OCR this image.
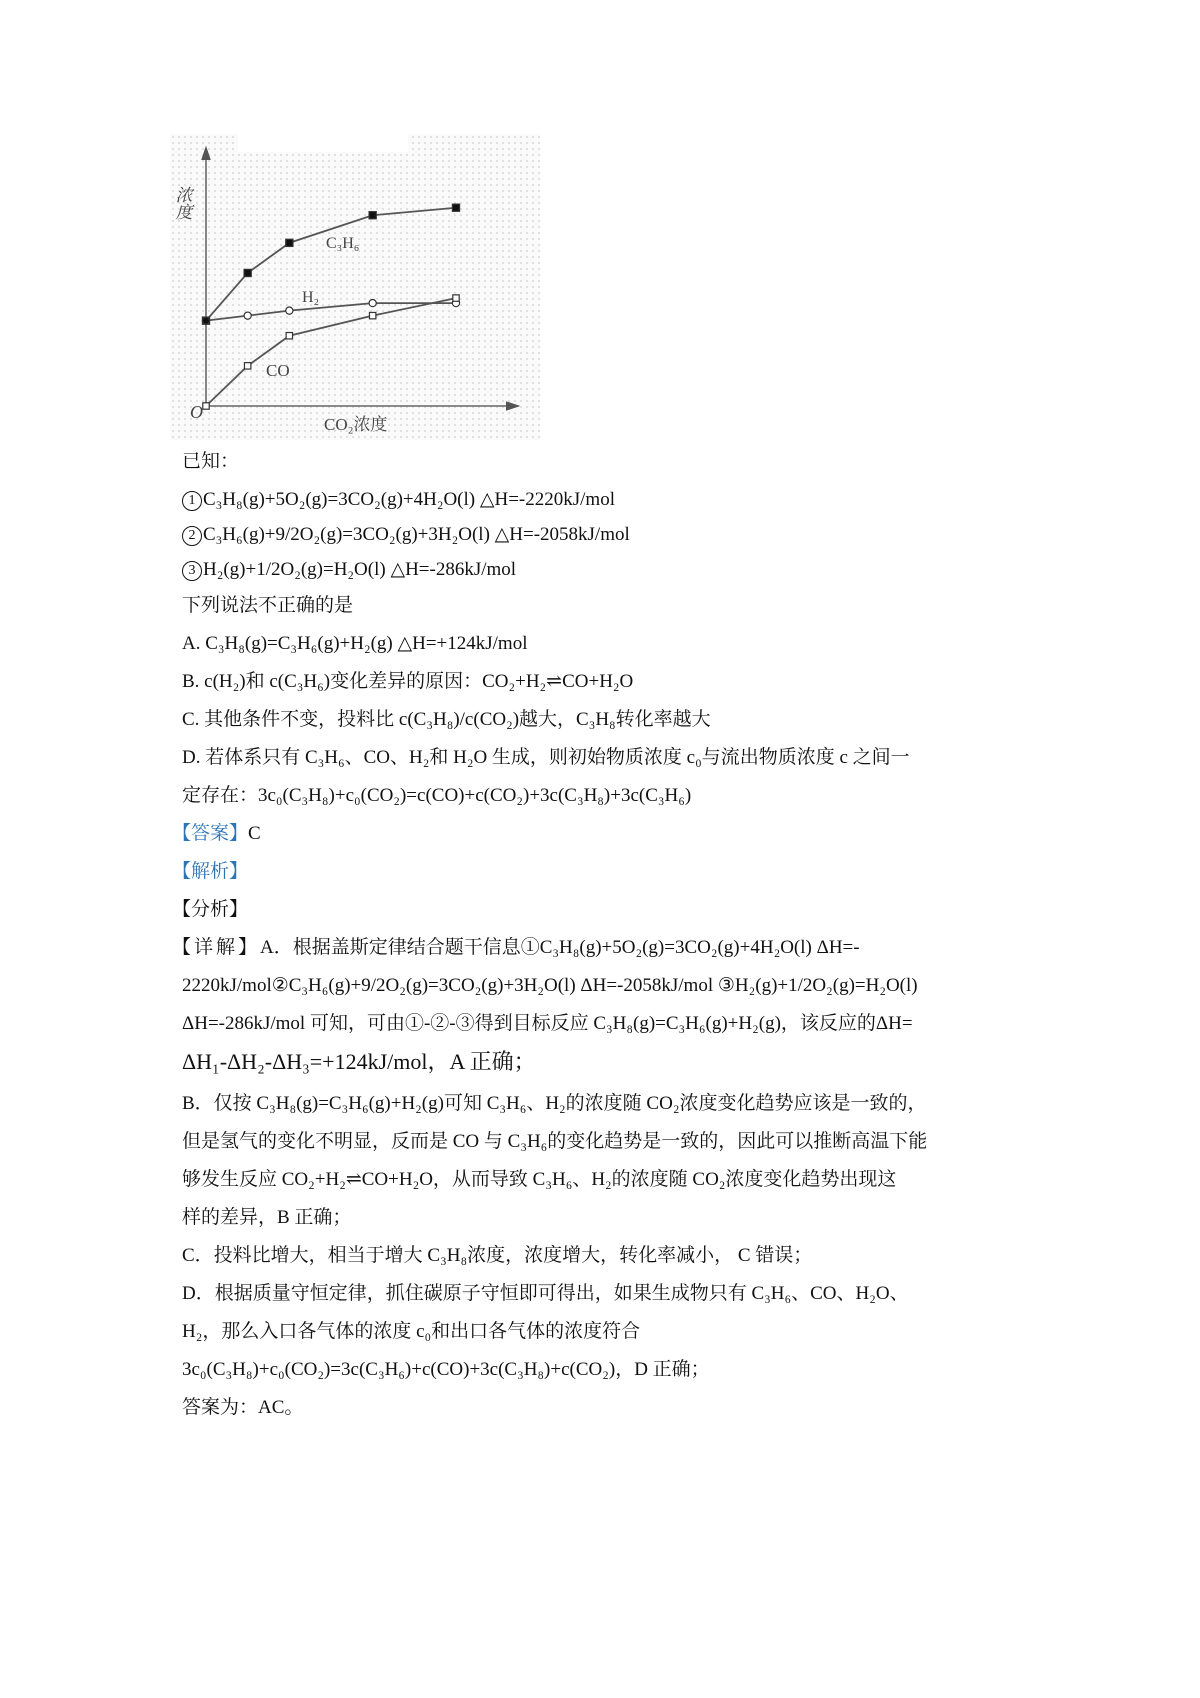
浓度
CO₂浓度
O
C₃H₆
H₂
CO
已知：
1 C₃H₈(g)+5O₂(g)=3CO₂(g)+4H₂O(l) △H=-2220kJ/mol
2 C₃H₆(g)+9/2O₂(g)=3CO₂(g)+3H₂O(l) △H=-2058kJ/mol
3 H₂(g)+1/2O₂(g)=H₂O(l) △H=-286kJ/mol
下列说法不正确的是
A. C₃H₈(g)=C₃H₆(g)+H₂(g) △H=+124kJ/mol
B. c(H₂)和 c(C₃H₆)变化差异的原因：CO₂+H₂⇌CO+H₂O
C. 其他条件不变，投料比 c(C₃H₈)/c(CO₂)越大，C₃H₈转化率越大
D. 若体系只有 C₃H₆、CO、H₂和 H₂O 生成，则初始物质浓度 c₀与流出物质浓度 c 之间一
定存在：3c₀(C₃H₈)+c₀(CO₂)=c(CO)+c(CO₂)+3c(C₃H₈)+3c(C₃H₆)
【答案】C
【解析】
【分析】
【详解】A．根据盖斯定律结合题干信息①C₃H₈(g)+5O₂(g)=3CO₂(g)+4H₂O(l) ΔH=-
2220kJ/mol②C₃H₆(g)+9/2O₂(g)=3CO₂(g)+3H₂O(l) ΔH=-2058kJ/mol ③H₂(g)+1/2O₂(g)=H₂O(l)
ΔH=-286kJ/mol 可知，可由①-②-③得到目标反应 C₃H₈(g)=C₃H₆(g)+H₂(g)，该反应的ΔH=
ΔH₁-ΔH₂-ΔH₃=+124kJ/mol，A 正确；
B．仅按 C₃H₈(g)=C₃H₆(g)+H₂(g)可知 C₃H₆、H₂的浓度随 CO₂浓度变化趋势应该是一致的，
但是氢气的变化不明显，反而是 CO 与 C₃H₆的变化趋势是一致的，因此可以推断高温下能
够发生反应 CO₂+H₂⇌CO+H₂O，从而导致 C₃H₆、H₂的浓度随 CO₂浓度变化趋势出现这
样的差异，B 正确；
C．投料比增大，相当于增大 C₃H₈浓度，浓度增大，转化率减小， C 错误；
D．根据质量守恒定律，抓住碳原子守恒即可得出，如果生成物只有 C₃H₆、CO、H₂O、
H₂，那么入口各气体的浓度 c₀和出口各气体的浓度符合
3c₀(C₃H₈)+c₀(CO₂)=3c(C₃H₆)+c(CO)+3c(C₃H₈)+c(CO₂)，D 正确；
答案为：AC。
